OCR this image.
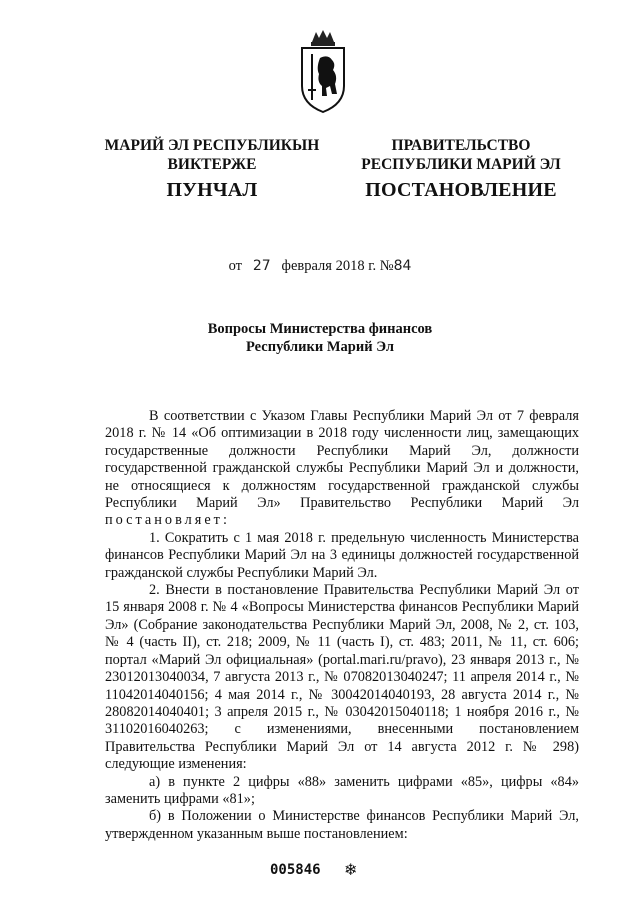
МАРИЙ ЭЛ РЕСПУБЛИКЫН

ВИКТЕРЖЕ

ПУНЧАЛ

ПРАВИТЕЛЬСТВО

РЕСПУБЛИКИ МАРИЙ ЭЛ

ПОСТАНОВЛЕНИЕ
от 27 февраля 2018 г. №84
Вопросы Министерства финансов
Республики Марий Эл

В соответствии с Указом Главы Республики Марий Эл от 7 февраля 2018 г. № 14 «Об оптимизации в 2018 году численности лиц, замещающих государственные должности Республики Марий Эл, должности государственной гражданской службы Республики Марий Эл и должности, не относящиеся к должностям государственной гражданской службы Республики Марий Эл» Правительство Республики Марий Эл постановляет:

1. Сократить с 1 мая 2018 г. предельную численность Министерства финансов Республики Марий Эл на 3 единицы должностей государственной гражданской службы Республики Марий Эл.

2. Внести в постановление Правительства Республики Марий Эл от 15 января 2008 г. № 4 «Вопросы Министерства финансов Республики Марий Эл» (Собрание законодательства Республики Марий Эл, 2008, № 2, ст. 103, № 4 (часть II), ст. 218; 2009, № 11 (часть I), ст. 483; 2011, № 11, ст. 606; портал «Марий Эл официальная» (portal.mari.ru/pravo), 23 января 2013 г., № 23012013040034, 7 августа 2013 г., № 07082013040247; 11 апреля 2014 г., № 11042014040156; 4 мая 2014 г., № 30042014040193, 28 августа 2014 г., № 28082014040401; 3 апреля 2015 г., № 03042015040118; 1 ноября 2016 г., № 31102016040263; с изменениями, внесенными постановлением Правительства Республики Марий Эл от 14 августа 2012 г. № 298) следующие изменения:

а) в пункте 2 цифры «88» заменить цифрами «85», цифры «84» заменить цифрами «81»;

б) в Положении о Министерстве финансов Республики Марий Эл, утвержденном указанным выше постановлением:

005846 ❄
